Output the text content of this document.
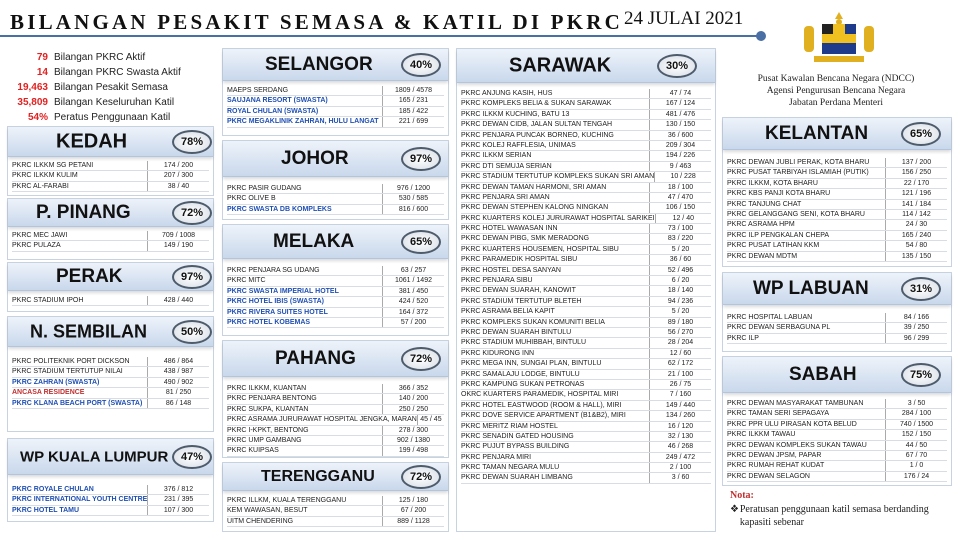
BILANGAN PESAKIT SEMASA & KATIL DI PKRC 24 JULAI 2021
Pusat Kawalan Bencana Negara (NDCC)
Agensi Pengurusan Bencana Negara
Jabatan Perdana Menteri
79 Bilangan PKRC Aktif
14 Bilangan PKRC Swasta Aktif
19,463 Bilangan Pesakit Semasa
35,809 Bilangan Keseluruhan Katil
54% Peratus Penggunaan Katil
KEDAH	78%
PKRC ILKKM SG PETANI	174 / 200
PKRC ILKKM KULIM	207 / 300
PKRC AL-FARABI	38 / 40
P. PINANG	72%
PKRC MEC JAWI	709 / 1008
PKRC PULAZA	149 / 190
PERAK	97%
PKRC STADIUM IPOH	428 / 440
N. SEMBILAN	50%
PKRC POLITEKNIK PORT DICKSON	486 / 864
PKRC STADIUM TERTUTUP NILAI	438 / 987
PKRC ZAHRAN (SWASTA)	490 / 902
ANCASA RESIDENCE	81 / 250
PKRC KLANA BEACH PORT (SWASTA)	86 / 148
WP KUALA LUMPUR	47%
PKRC ROYALE CHULAN	376 / 812
PKRC INTERNATIONAL YOUTH CENTRE	231 / 395
PKRC HOTEL TAMU	107 / 300
SELANGOR	40%
MAEPS SERDANG	1809 / 4578
SAUJANA RESORT (SWASTA)	165 / 231
ROYAL CHULAN (SWASTA)	185 / 422
PKRC MEGAKLINIK ZAHRAN, HULU LANGAT	221 / 699
JOHOR	97%
PKRC PASIR GUDANG	976 / 1200
PKRC OLIVE B	530 / 585
PKRC SWASTA DB KOMPLEKS	816 / 600
MELAKA	65%
PKRC PENJARA SG UDANG	63 / 257
PKRC MITC	1061 / 1492
PKRC SWASTA IMPERIAL HOTEL	381 / 450
PKRC HOTEL IBIS (SWASTA)	424 / 520
PKRC RIVERA SUITES HOTEL	164 / 372
PKRC HOTEL KOBEMAS	57 / 200
PAHANG	72%
PKRC ILKKM, KUANTAN	366 / 352
PKRC PENJARA BENTONG	140 / 200
PKRC SUKPA, KUANTAN	250 / 250
PKRC ASRAMA JURURAWAT HOSPITAL JENGKA, MARAN 45 / 45
PKRC I-KPKT, BENTONG	278 / 300
PKRC UMP GAMBANG	902 / 1380
PKRC KUIPSAS	199 / 498
TERENGGANU	72%
PKRC ILLKM, KUALA TERENGGANU	125 / 180
KEM WAWASAN, BESUT	67 / 200
UITM CHENDERING	889 / 1128
SARAWAK	30%
PKRC ANJUNG KASIH, HUS	47 / 74
PKRC KOMPLEKS BELIA & SUKAN SARAWAK	167 / 124
PKRC ILKKM KUCHING, BATU 13	481 / 476
PKRC DEWAN CIDB, JALAN SULTAN TENGAH	130 / 150
PKRC PENJARA PUNCAK BORNEO, KUCHING	36 / 600
PKRC KOLEJ RAFFLESIA, UNIMAS	209 / 304
PKRC ILKKM SERIAN	194 / 226
PKRC DTI SEMUJA SERIAN	9 / 463
PKRC STADIUM TERTUTUP KOMPLEKS SUKAN SRI AMAN	10 / 228
PKRC DEWAN TAMAN HARMONI, SRI AMAN	18 / 100
PKRC PENJARA SRI AMAN	47 / 470
PKRC DEWAN STEPHEN KALONG NINGKAN	106 / 150
PKRC KUARTERS KOLEJ JURURAWAT HOSPITAL SARIKEI	12 / 40
PKRC HOTEL WAWASAN INN	73 / 100
PKRC DEWAN PIBG, SMK MERADONG	83 / 220
PKRC KUARTERS HOUSEMEN, HOSPITAL SIBU	5 / 20
PKRC PARAMEDIK HOSPITAL SIBU	36 / 60
PKRC HOSTEL DESA SANYAN	52 / 496
PKRC PENJARA SIBU	6 / 20
PKRC DEWAN SUARAH, KANOWIT	18 / 140
PKRC STADIUM TERTUTUP BLETEH	94 / 236
PKRC ASRAMA BELIA KAPIT	5 / 20
PKRC KOMPLEKS SUKAN KOMUNITI BELIA	89 / 180
PKRC DEWAN SUARAH BINTULU	56 / 270
PKRC STADIUM MUHIBBAH, BINTULU	28 / 204
PKRC KIDURONG INN	12 / 60
PKRC MEGA INN, SUNGAI PLAN, BINTULU	62 / 172
PKRC SAMALAJU LODGE, BINTULU	21 / 100
PKRC KAMPUNG SUKAN PETRONAS	26 / 75
OKRC KUARTERS PARAMEDIK, HOSPITAL MIRI	7 / 160
PKRC HOTEL EASTWOOD (ROOM & HALL), MIRI	149 / 440
PKRC DOVE SERVICE APARTMENT (B1&B2), MIRI	134 / 260
PKRC MERITZ RIAM HOSTEL	16 / 120
PKRC SENADIN GATED HOUSING	32 / 130
PKRC PUJUT BYPASS BUILDING	46 / 268
PKRC PENJARA MIRI	249 / 472
PKRC TAMAN NEGARA MULU	2 / 100
PKRC DEWAN SUARAH LIMBANG	3 / 60
KELANTAN	65%
PKRC DEWAN JUBLI PERAK, KOTA BHARU	137 / 200
PKRC PUSAT TARBIYAH ISLAMIAH (PUTIK)	156 / 250
PKRC ILKKM, KOTA BHARU	22 / 170
PKRC KBS PANJI KOTA BHARU	121 / 196
PKRC TANJUNG CHAT	141 / 184
PKRC GELANGGANG SENI, KOTA BHARU	114 / 142
PKRC ASRAMA HPM	24 / 30
PKRC ILP PENGKALAN CHEPA	165 / 240
PKRC PUSAT LATIHAN KKM	54 / 80
PKRC DEWAN MDTM	135 / 150
WP LABUAN	31%
PKRC HOSPITAL LABUAN	84 / 166
PKRC DEWAN SERBAGUNA PL	39 / 250
PKRC ILP	96 / 299
SABAH	75%
PKRC DEWAN MASYARAKAT TAMBUNAN	3 / 50
PKRC TAMAN SERI SEPAGAYA	284 / 100
PKRC PPR ULU PIRASAN KOTA BELUD	740 / 1500
PKRC ILKKM TAWAU	152 / 150
PKRC DEWAN KOMPLEKS SUKAN TAWAU	44 / 50
PKRC DEWAN JPSM, PAPAR	67 / 70
PKRC RUMAH REHAT KUDAT	1 / 0
PKRC DEWAN SELAGON	176 / 24
Nota:
❖ Peratusan penggunaan katil semasa berdanding kapasiti sebenar
